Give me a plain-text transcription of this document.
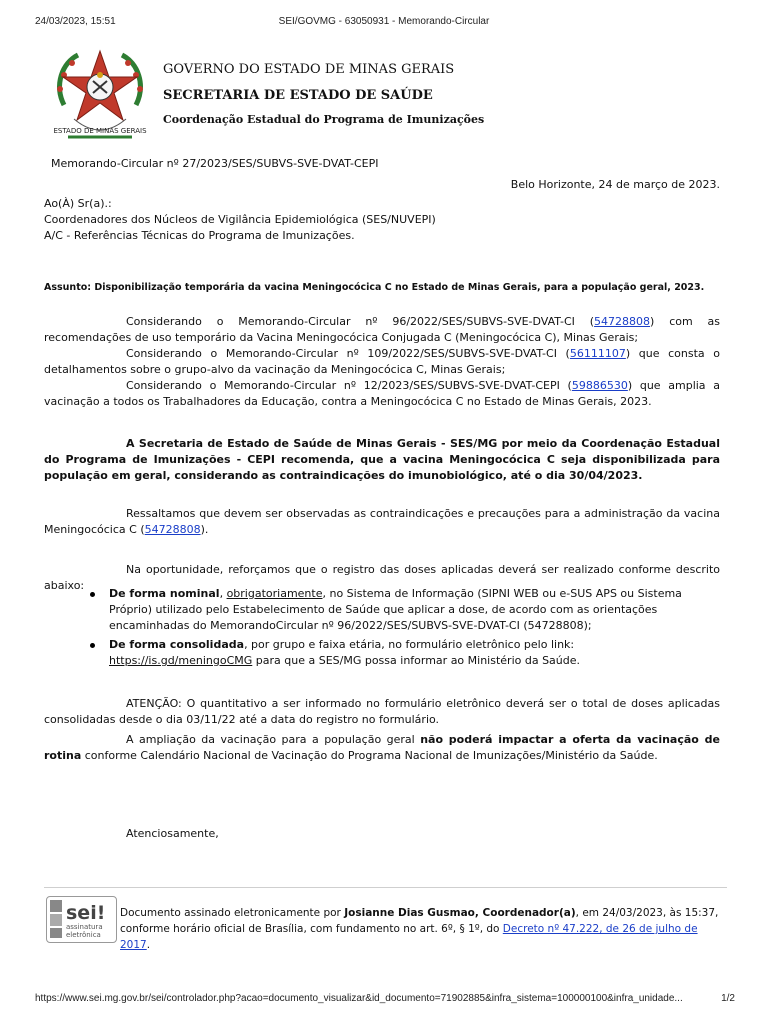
24/03/2023, 15:51	SEI/GOVMG - 63050931 - Memorando-Circular
ESTADO DE MINAS GERAIS
GOVERNO DO ESTADO DE MINAS GERAIS
SECRETARIA DE ESTADO DE SAÚDE
Coordenação Estadual do Programa de Imunizações
Memorando-Circular nº 27/2023/SES/SUBVS-SVE-DVAT-CEPI
Belo Horizonte, 24 de março de 2023.
Ao(À) Sr(a).:
Coordenadores dos Núcleos de Vigilância Epidemiológica (SES/NUVEPI)
A/C - Referências Técnicas do Programa de Imunizações.
Assunto: Disponibilização temporária da vacina Meningocócica C no Estado de Minas Gerais, para a população geral, 2023.

Considerando o Memorando-Circular nº 96/2022/SES/SUBVS-SVE-DVAT-CI (54728808) com as recomendações de uso temporário da Vacina Meningocócica Conjugada C (Meningocócica C), Minas Gerais;

Considerando o Memorando-Circular nº 109/2022/SES/SUBVS-SVE-DVAT-CI (56111107) que consta o detalhamentos sobre o grupo-alvo da vacinação da Meningocócica C, Minas Gerais;

Considerando o Memorando-Circular nº 12/2023/SES/SUBVS-SVE-DVAT-CEPI (59886530) que amplia a vacinação a todos os Trabalhadores da Educação, contra a Meningocócica C no Estado de Minas Gerais, 2023.

A Secretaria de Estado de Saúde de Minas Gerais - SES/MG por meio da Coordenação Estadual do Programa de Imunizações - CEPI recomenda, que a vacina Meningocócica C seja disponibilizada para população em geral, considerando as contraindicações do imunobiológico, até o dia 30/04/2023.

Ressaltamos que devem ser observadas as contraindicações e precauções para a administração da vacina Meningocócica C (54728808).

Na oportunidade, reforçamos que o registro das doses aplicadas deverá ser realizado conforme descrito abaixo:

De forma nominal, obrigatoriamente, no Sistema de Informação (SIPNI WEB ou e-SUS APS ou Sistema Próprio) utilizado pelo Estabelecimento de Saúde que aplicar a dose, de acordo com as orientações encaminhadas do MemorandoCircular nº 96/2022/SES/SUBVS-SVE-DVAT-CI (54728808);
De forma consolidada, por grupo e faixa etária, no formulário eletrônico pelo link: https://is.gd/meningoCMG para que a SES/MG possa informar ao Ministério da Saúde.

ATENÇÃO: O quantitativo a ser informado no formulário eletrônico deverá ser o total de doses aplicadas consolidadas desde o dia 03/11/22 até a data do registro no formulário.

A ampliação da vacinação para a população geral não poderá impactar a oferta da vacinação de rotina conforme Calendário Nacional de Vacinação do Programa Nacional de Imunizações/Ministério da Saúde.

Atenciosamente,

sei!
assinatura
eletrônica
Documento assinado eletronicamente por Josianne Dias Gusmao, Coordenador(a), em 24/03/2023, às 15:37, conforme horário oficial de Brasília, com fundamento no art. 6º, § 1º, do Decreto nº 47.222, de 26 de julho de 2017.
https://www.sei.mg.gov.br/sei/controlador.php?acao=documento_visualizar&id_documento=71902885&infra_sistema=100000100&infra_unidade...	1/2
